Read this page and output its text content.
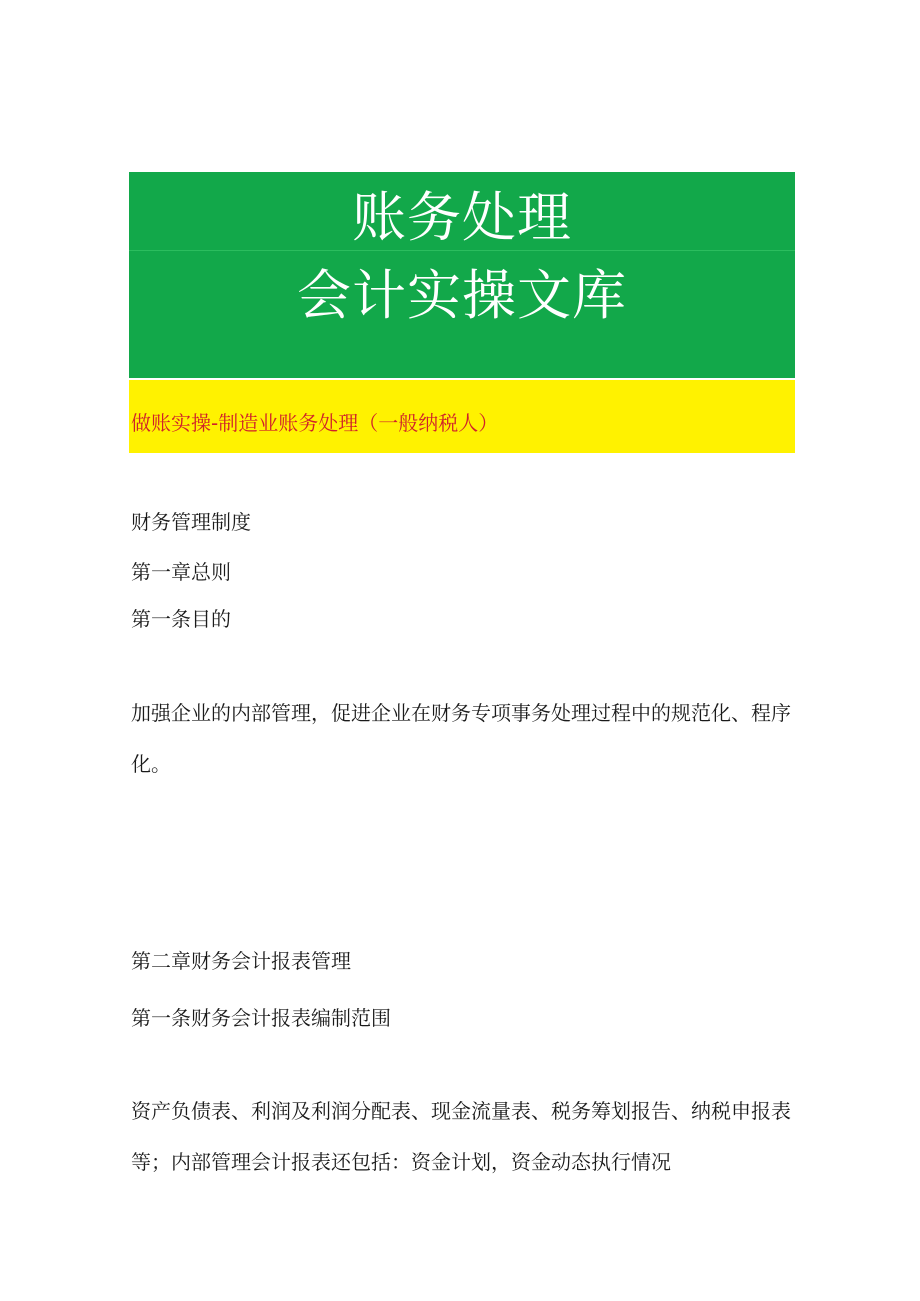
账务处理
会计实操文库
做账实操-制造业账务处理（一般纳税人）
财务管理制度
第一章总则
第一条目的
加强企业的内部管理，促进企业在财务专项事务处理过程中的规范化、程序化。
第二章财务会计报表管理
第一条财务会计报表编制范围
资产负债表、利润及利润分配表、现金流量表、税务筹划报告、纳税申报表等；内部管理会计报表还包括：资金计划，资金动态执行情况
